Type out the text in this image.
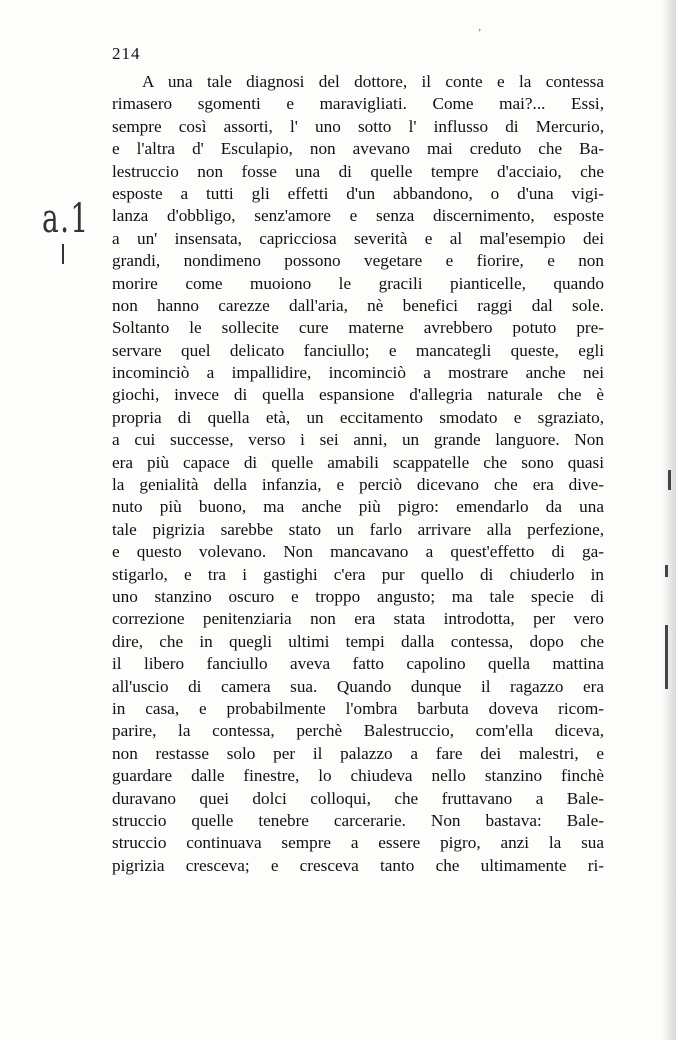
’
214
a.1
A una tale diagnosi del dottore, il conte e la contessa
rimasero sgomenti e maravigliati. Come mai?... Essi,
sempre così assorti, l' uno sotto l' influsso di Mercurio,
e l'altra d' Esculapio, non avevano mai creduto che Ba-
lestruccio non fosse una di quelle tempre d'acciaio, che
esposte a tutti gli effetti d'un abbandono, o d'una vigi-
lanza d'obbligo, senz'amore e senza discernimento, esposte
a un' insensata, capricciosa severità e al mal'esempio dei
grandi, nondimeno possono vegetare e fiorire, e non
morire come muoiono le gracili pianticelle, quando
non hanno carezze dall'aria, nè benefici raggi dal sole.
Soltanto le sollecite cure materne avrebbero potuto pre-
servare quel delicato fanciullo; e mancategli queste, egli
incominciò a impallidire, incominciò a mostrare anche nei
giochi, invece di quella espansione d'allegria naturale che è
propria di quella età, un eccitamento smodato e sgraziato,
a cui successe, verso i sei anni, un grande languore. Non
era più capace di quelle amabili scappatelle che sono quasi
la genialità della infanzia, e perciò dicevano che era dive-
nuto più buono, ma anche più pigro: emendarlo da una
tale pigrizia sarebbe stato un farlo arrivare alla perfezione,
e questo volevano. Non mancavano a quest'effetto di ga-
stigarlo, e tra i gastighi c'era pur quello di chiuderlo in
uno stanzino oscuro e troppo angusto; ma tale specie di
correzione penitenziaria non era stata introdotta, per vero
dire, che in quegli ultimi tempi dalla contessa, dopo che
il libero fanciullo aveva fatto capolino quella mattina
all'uscio di camera sua. Quando dunque il ragazzo era
in casa, e probabilmente l'ombra barbuta doveva ricom-
parire, la contessa, perchè Balestruccio, com'ella diceva,
non restasse solo per il palazzo a fare dei malestri, e
guardare dalle finestre, lo chiudeva nello stanzino finchè
duravano quei dolci colloqui, che fruttavano a Bale-
struccio quelle tenebre carcerarie. Non bastava: Bale-
struccio continuava sempre a essere pigro, anzi la sua
pigrizia cresceva; e cresceva tanto che ultimamente ri-
